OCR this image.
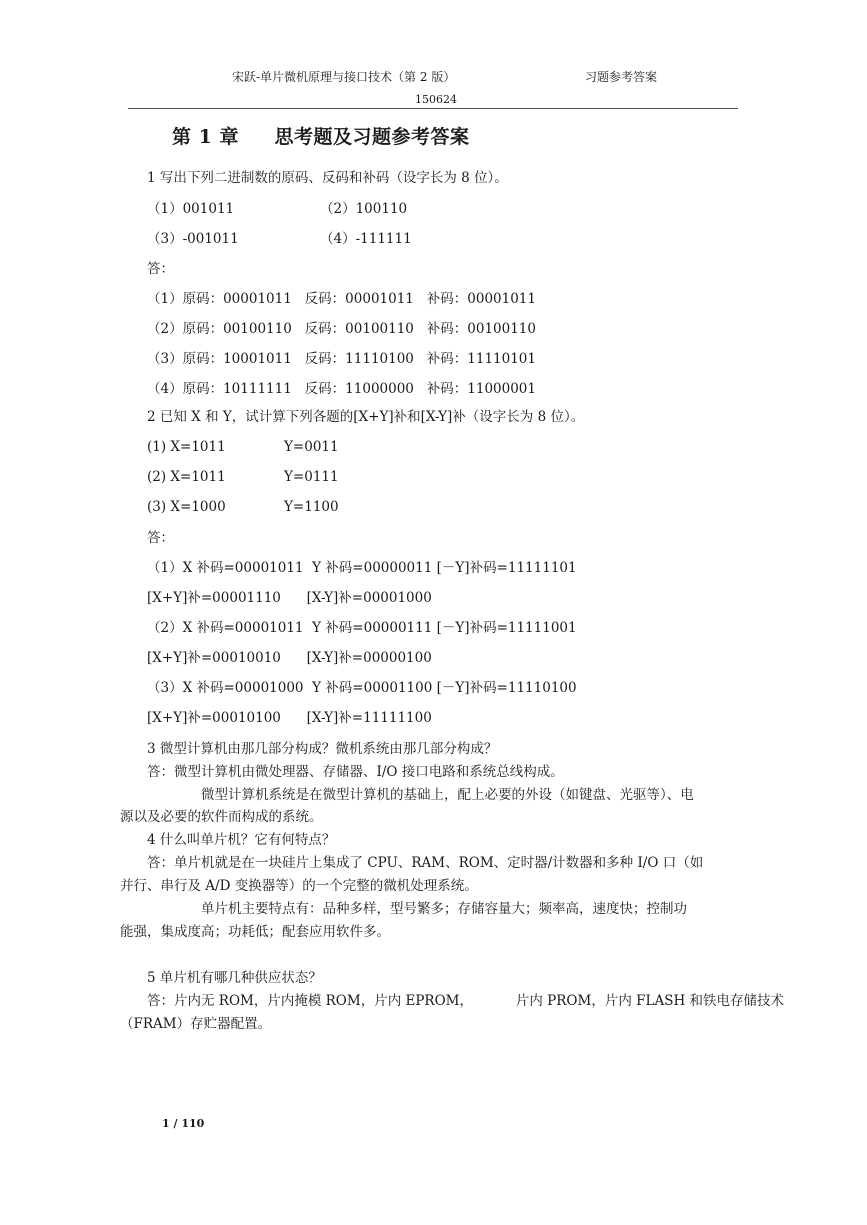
宋跃-单片微机原理与接口技术（第 2 版）	习题参考答案
150624
第 1 章     思考题及习题参考答案
1 写出下列二进制数的原码、反码和补码（设字长为 8 位）。
（1）001011	（2）100110
（3）-001011	（4）-111111
答：
（1）原码：00001011   反码：00001011   补码：00001011
（2）原码：00100110   反码：00100110   补码：00100110
（3）原码：10001011   反码：11110100   补码：11110101
（4）原码：10111111   反码：11000000   补码：11000001
2 已知 X 和 Y，试计算下列各题的[X+Y]补和[X-Y]补（设字长为 8 位）。
(1) X=1011	Y=0011
(2) X=1011	Y=0111
(3) X=1000	Y=1100
答：
（1）X 补码=00001011  Y 补码=00000011 [－Y]补码=11111101
[X+Y]补=00001110      [X-Y]补=00001000
（2）X 补码=00001011  Y 补码=00000111 [－Y]补码=11111001
[X+Y]补=00010010      [X-Y]补=00000100
（3）X 补码=00001000  Y 补码=00001100 [－Y]补码=11110100
[X+Y]补=00010100      [X-Y]补=11111100
3 微型计算机由那几部分构成？微机系统由那几部分构成？
答：微型计算机由微处理器、存储器、I/O 接口电路和系统总线构成。
微型计算机系统是在微型计算机的基础上，配上必要的外设（如键盘、光驱等）、电
源以及必要的软件而构成的系统。
4 什么叫单片机？它有何特点？
答：单片机就是在一块硅片上集成了 CPU、RAM、ROM、定时器/计数器和多种 I/O 口（如
并行、串行及 A/D 变换器等）的一个完整的微机处理系统。
单片机主要特点有：品种多样，型号繁多；存储容量大；频率高，速度快；控制功
能强，集成度高；功耗低；配套应用软件多。
5 单片机有哪几种供应状态？
答：片内无 ROM，片内掩模 ROM，片内 EPROM，          片内 PROM，片内 FLASH 和铁电存储技术
（FRAM）存贮器配置。
1 / 110
